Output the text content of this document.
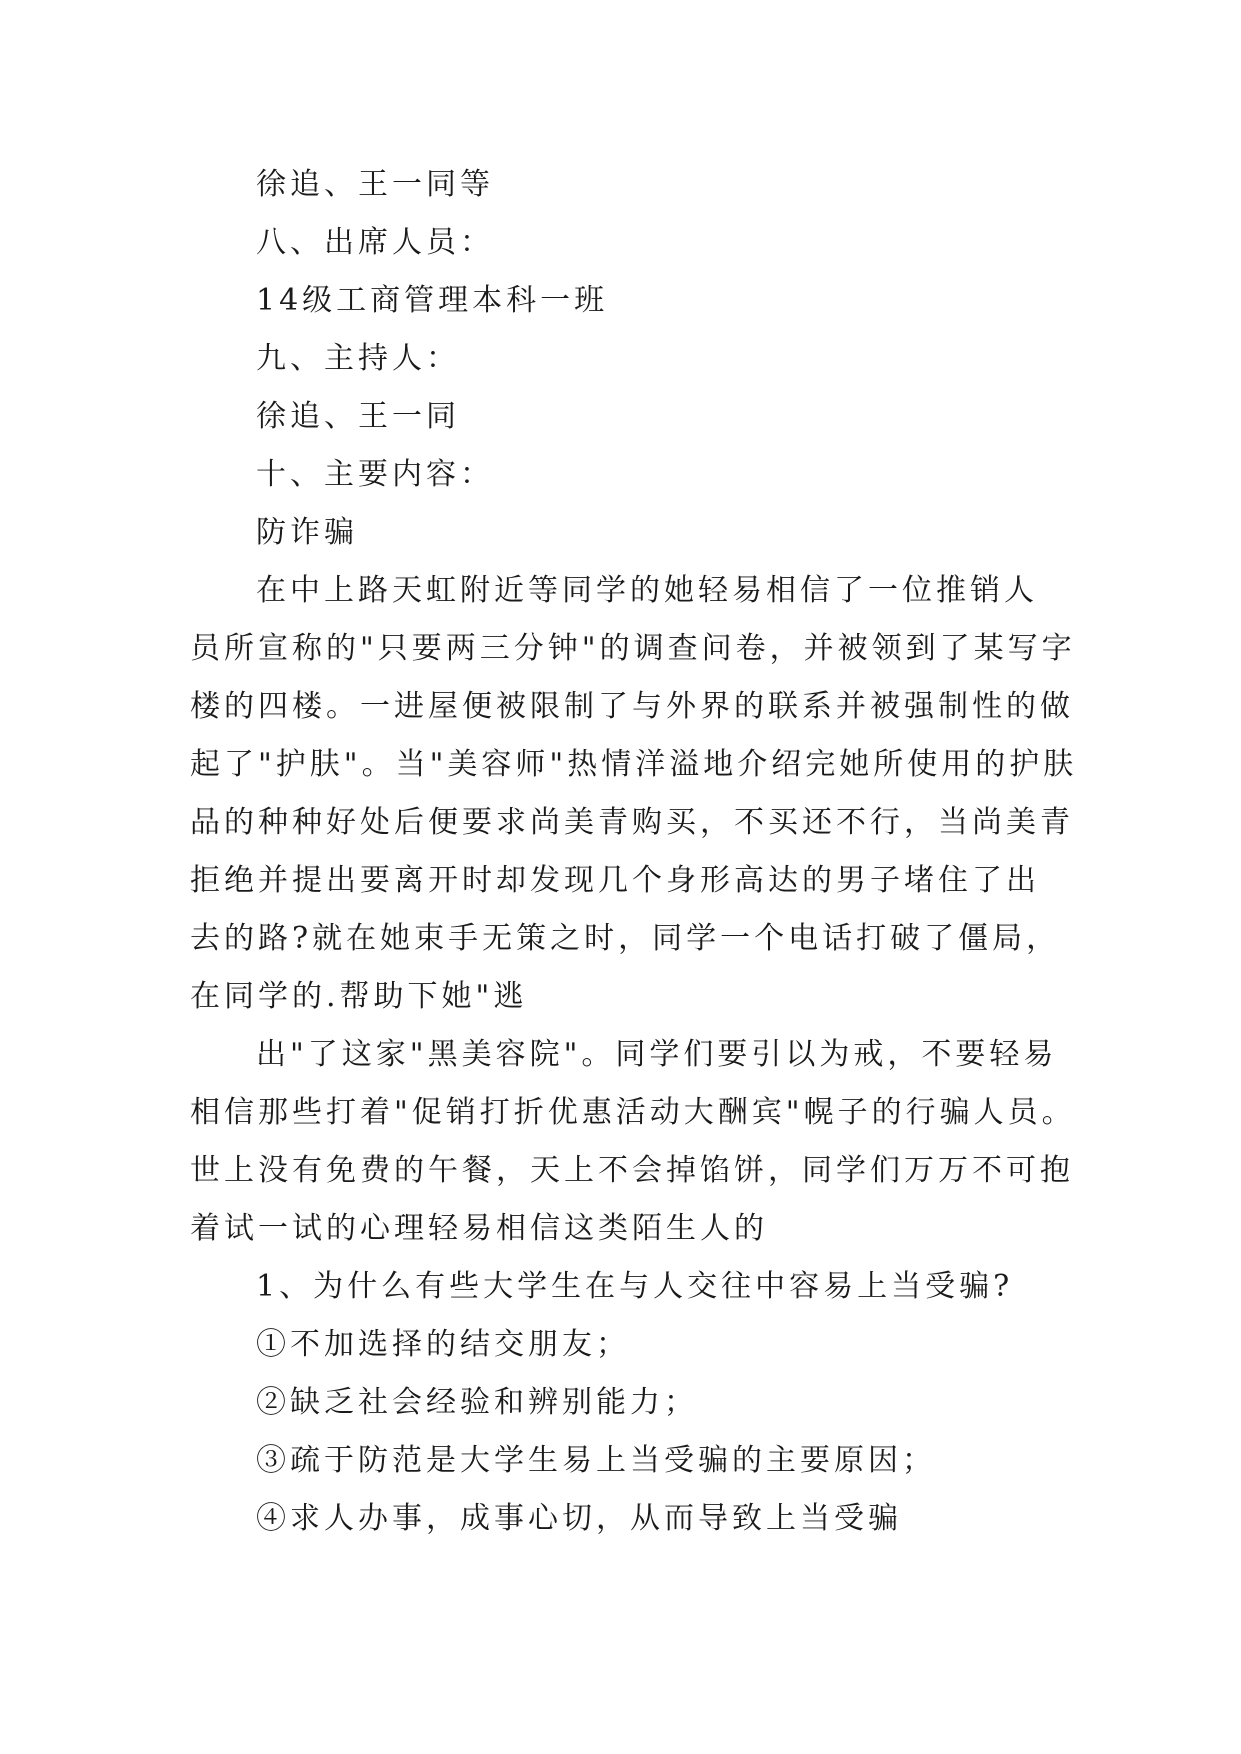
徐追、王一同等
八、出席人员：
14级工商管理本科一班
九、主持人：
徐追、王一同
十、主要内容：
防诈骗
在中上路天虹附近等同学的她轻易相信了一位推销人
员所宣称的"只要两三分钟"的调查问卷，并被领到了某写字
楼的四楼。一进屋便被限制了与外界的联系并被强制性的做
起了"护肤"。当"美容师"热情洋溢地介绍完她所使用的护肤
品的种种好处后便要求尚美青购买，不买还不行，当尚美青
拒绝并提出要离开时却发现几个身形高达的男子堵住了出
去的路?就在她束手无策之时，同学一个电话打破了僵局，
在同学的.帮助下她"逃
出"了这家"黑美容院"。同学们要引以为戒，不要轻易
相信那些打着"促销打折优惠活动大酬宾"幌子的行骗人员。
世上没有免费的午餐，天上不会掉馅饼，同学们万万不可抱
着试一试的心理轻易相信这类陌生人的
1、为什么有些大学生在与人交往中容易上当受骗?
①不加选择的结交朋友；
②缺乏社会经验和辨别能力；
③疏于防范是大学生易上当受骗的主要原因；
④求人办事，成事心切，从而导致上当受骗
